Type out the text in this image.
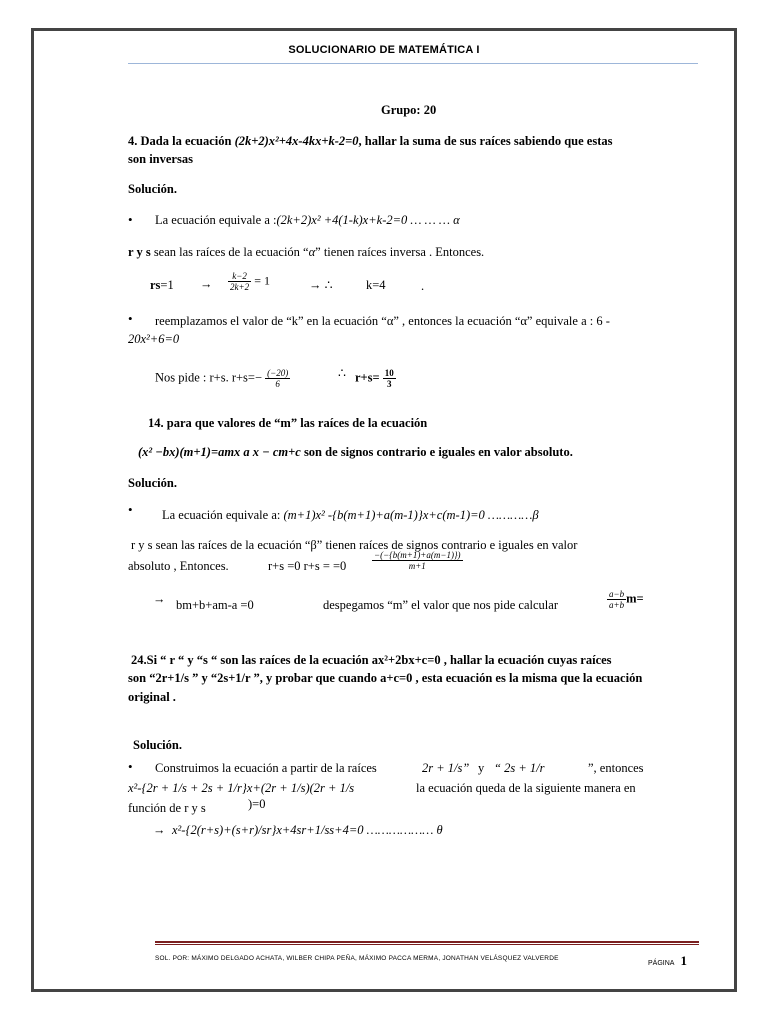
SOLUCIONARIO DE MATEMÁTICA I
Grupo: 20
4. Dada la ecuación (2k+2)x²+4x-4kx+k-2=0, hallar la suma de sus raíces sabiendo que estas
son inversas
Solución.
• La ecuación equivale a :(2k+2)x² +4(1-k)x+k-2=0 … … … α
r y s sean las raíces de la ecuación “α” tienen raíces inversa . Entonces.
$rs=1 \to \frac{k-2}{2k+2} = 1$	→ ∴	k=4	.
• reemplazamos el valor de “k” en la ecuación “α” , entonces la ecuación “α” equivale a : 6 -
20x²+6=0
Nos pide : r+s. $r+s=- \frac{(-20)}{6}$	∴ $r+s= \frac{10}{3}$
14. para que valores de “m” las raíces de la ecuación
(x² −bx)(m+1)=amx a x − cm+c son de signos contrario e iguales en valor absoluto.
Solución.
• La ecuación equivale a: (m+1)x² -{b(m+1)+a(m-1)}x+c(m-1)=0 …………β
r y s sean las raíces de la ecuación “β” tienen raíces de signos contrario e iguales en valor
absoluto , Entonces.	r+s =0 r+s = =0	$\frac{-(-\{b(m+1)+a(m-1)\})}{m+1}$
→ bm+b+am-a =0	despegamos “m” el valor que nos pide calcular	$\frac{a-b}{a+b} m=$
24.Si “ r “ y “s “ son las raíces de la ecuación ax²+2bx+c=0 , hallar la ecuación cuyas raíces
son “2r+1/s ” y “2s+1/r ”, y probar que cuando a+c=0 , esta ecuación es la misma que la ecuación
original .
Solución.
• Construimos la ecuación a partir de la raíces	2r + 1/s” y “ 2s + 1/r	”, entonces
x²-{2r + 1/s + 2s + 1/r}x+(2r + 1/s)(2r + 1/s	la ecuación queda de la siguiente manera en
)=0
función de r y s
→ x²-{2(r+s)+(s+r)/sr}x+4sr+1/ss+4=0 ……………… θ
SOL. POR: MÁXIMO DELGADO ACHATA, WILBER CHIPA PEÑA, MÁXIMO PACCA MERMA, JONATHAN VELÁSQUEZ VALVERDE
PÁGINA 1
